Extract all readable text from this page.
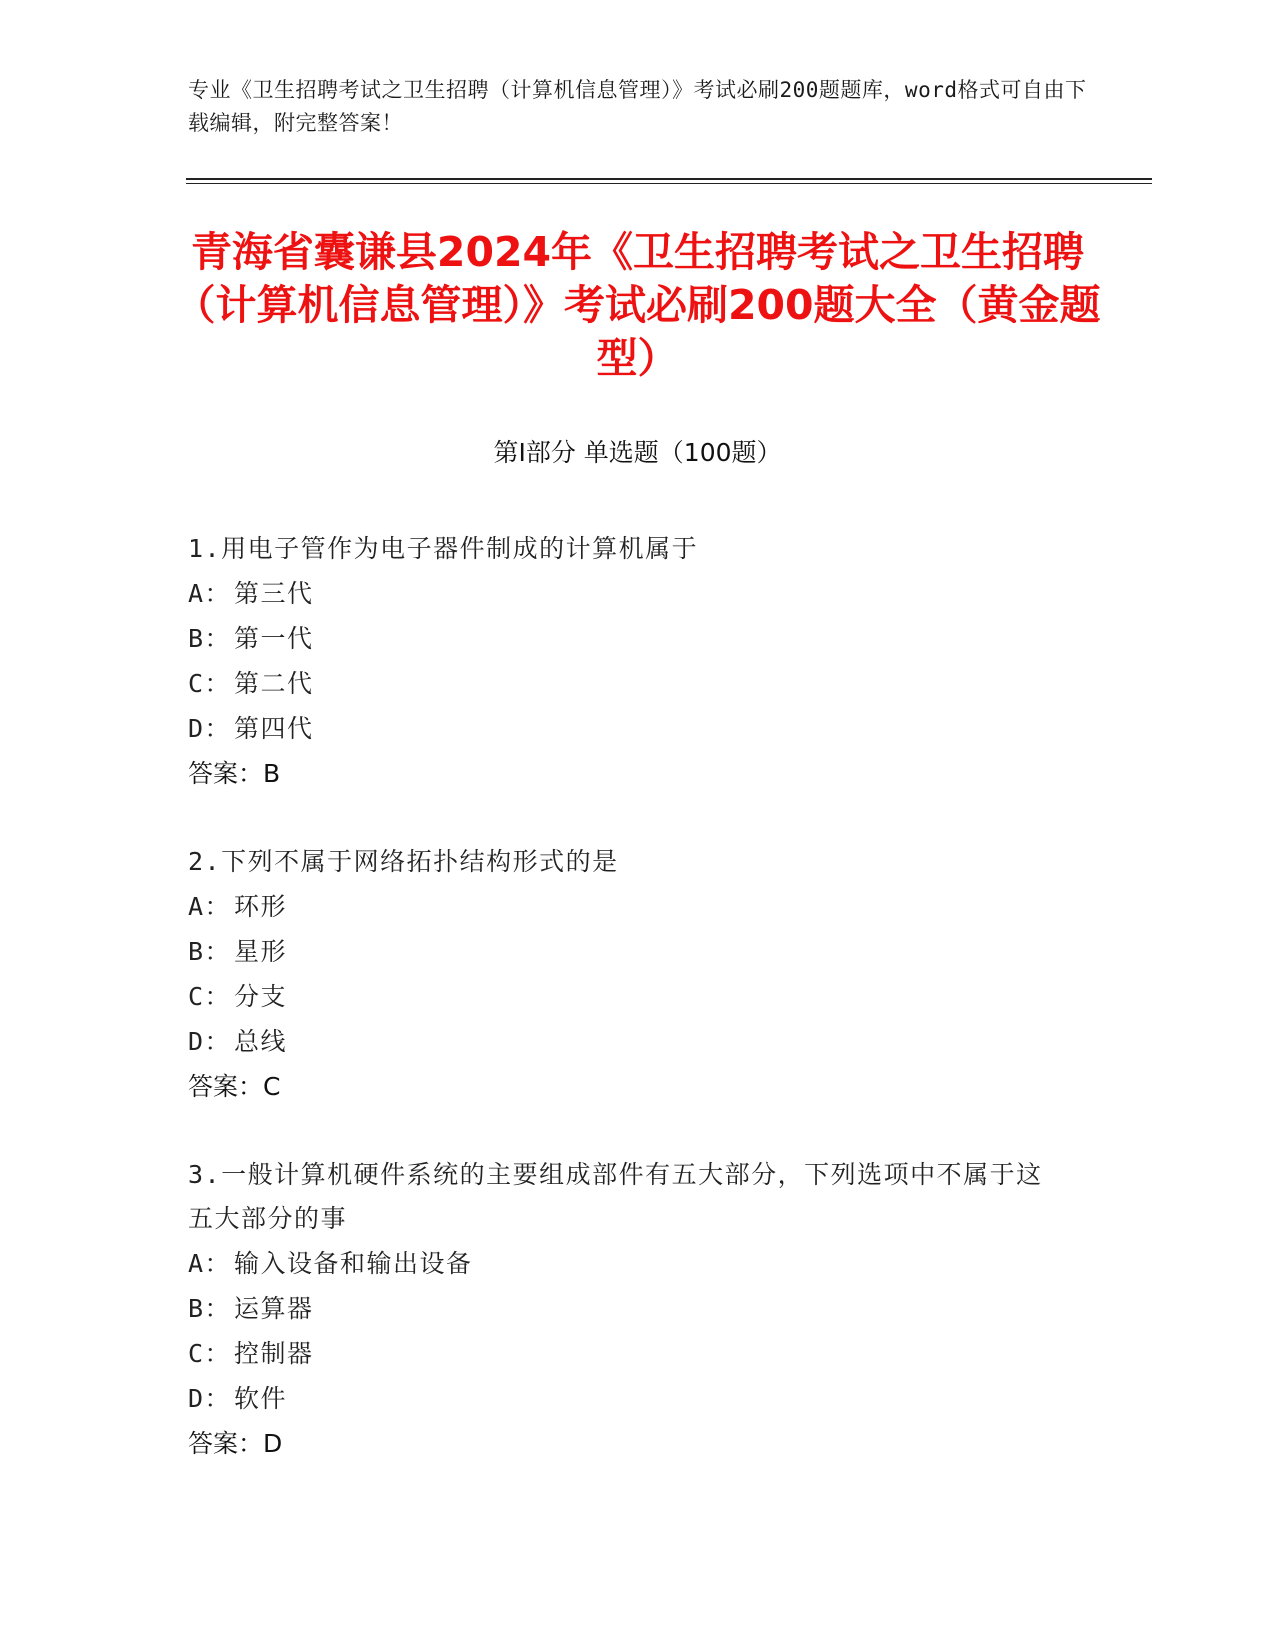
专业《卫生招聘考试之卫生招聘（计算机信息管理）》考试必刷200题题库，word格式可自由下载编辑，附完整答案！
青海省囊谦县2024年《卫生招聘考试之卫生招聘（计算机信息管理）》考试必刷200题大全（黄金题型）
第Ⅰ部分 单选题（100题）
1.用电子管作为电子器件制成的计算机属于
A： 第三代
B： 第一代
C： 第二代
D： 第四代
答案：B
2.下列不属于网络拓扑结构形式的是
A： 环形
B： 星形
C： 分支
D： 总线
答案：C
3.一般计算机硬件系统的主要组成部件有五大部分，下列选项中不属于这五大部分的事
A： 输入设备和输出设备
B： 运算器
C： 控制器
D： 软件
答案：D
